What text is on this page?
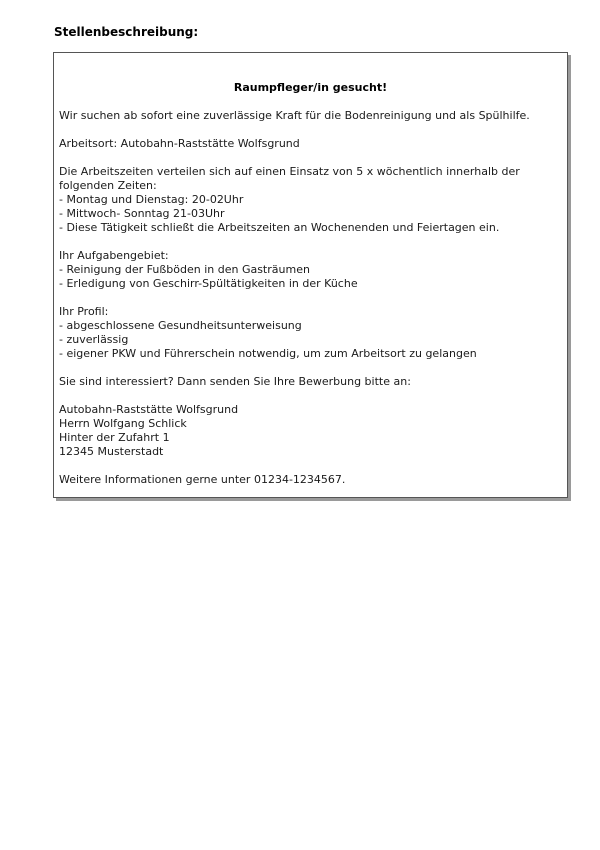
Stellenbeschreibung:
Raumpfleger/in gesucht!
Wir suchen ab sofort eine zuverlässige Kraft für die Bodenreinigung und als Spülhilfe.
Arbeitsort: Autobahn-Raststätte Wolfsgrund
Die Arbeitszeiten verteilen sich auf einen Einsatz von 5 x wöchentlich innerhalb der
folgenden Zeiten:
- Montag und Dienstag: 20-02Uhr
- Mittwoch- Sonntag 21-03Uhr
- Diese Tätigkeit schließt die Arbeitszeiten an Wochenenden und Feiertagen ein.
Ihr Aufgabengebiet:
- Reinigung der Fußböden in den Gasträumen
- Erledigung von Geschirr-Spültätigkeiten in der Küche
Ihr Profil:
- abgeschlossene Gesundheitsunterweisung
- zuverlässig
- eigener PKW und Führerschein notwendig, um zum Arbeitsort zu gelangen
Sie sind interessiert? Dann senden Sie Ihre Bewerbung bitte an:
Autobahn-Raststätte Wolfsgrund
Herrn Wolfgang Schlick
Hinter der Zufahrt 1
12345 Musterstadt
Weitere Informationen gerne unter 01234-1234567.
